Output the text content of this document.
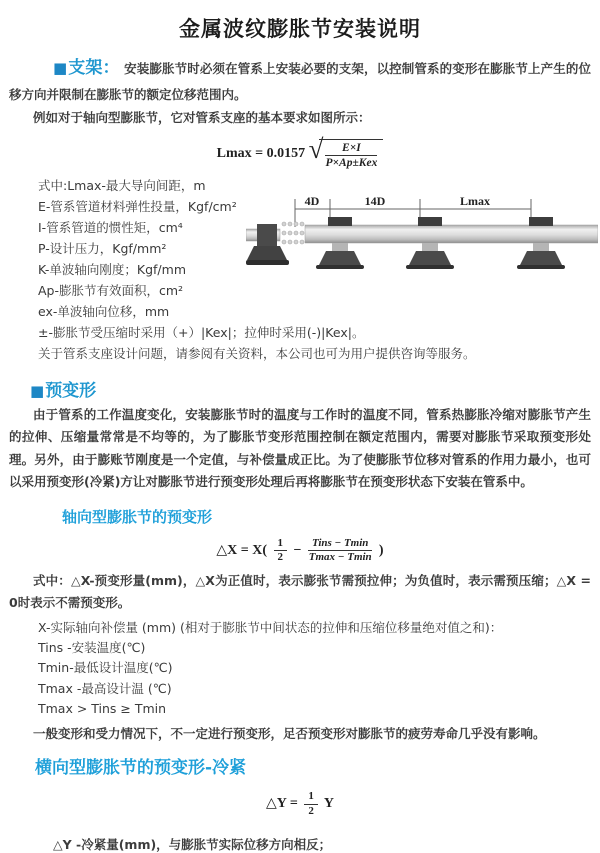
金属波纹膨胀节安装说明
■支架： 安装膨胀节时必须在管系上安装必要的支架，以控制管系的变形在膨胀节上产生的位移方向并限制在膨胀节的额定位移范围内。
例如对于轴向型膨胀节，它对管系支座的基本要求如图所示：
Lmax = 0.0157 √	E×I
P×Ap±Kex
式中:Lmax-最大导向间距，m
E-管系管道材料弹性投量，Kgf/cm²
I-管系管道的惯性矩，cm⁴
P-设计压力，Kgf/mm²
K-单波轴向刚度；Kgf/mm
Ap-膨胀节有效面积，cm²
ex-单波轴向位移，mm
±-膨胀节受压缩时采用（+）|Kex|；拉伸时采用(-)|Kex|。
关于管系支座设计问题，请参阅有关资料，本公司也可为用户提供咨询等服务。
4D	14D	Lmax
■预变形
由于管系的工作温度变化，安装膨胀节时的温度与工作时的温度不同，管系热膨胀冷缩对膨胀节产生的拉伸、压缩量常常是不均等的，为了膨胀节变形范围控制在额定范围内，需要对膨胀节采取预变形处理。另外，由于膨账节刚度是一个定值，与补偿量成正比。为了使膨胀节位移对管系的作用力最小，也可以采用预变形(冷紧)方让对膨胀节进行预变形处理后再将膨胀节在预变形状态下安装在管系中。
轴向型膨胀节的预变形
△X = $X( \frac{1}{2} - \frac{\text{Tins − Tmin}}{Tmax - Tmin}$ )
式中：△X-预变形量(mm)，△X为正值时，表示膨张节需预拉伸；为负值时，表示需预压缩；△X = 0时表示不需预变形。
X-实际轴向补偿量 (mm) (相对于膨胀节中间状态的拉伸和压缩位移量绝对值之和)：
Tins -安装温度(℃)
Tmin-最低设计温度(℃)
Tmax -最高设计温 (℃)
Tmax > Tins ≥ Tmin
一般变形和受力情况下，不一定进行预变形，足否预变形对膨胀节的疲劳寿命几乎没有影响。
横向型膨胀节的预变形-冷紧
△Y = $\frac{1}{2}$ Y
△Y -冷紧量(mm)，与膨胀节实际位移方向相反；
